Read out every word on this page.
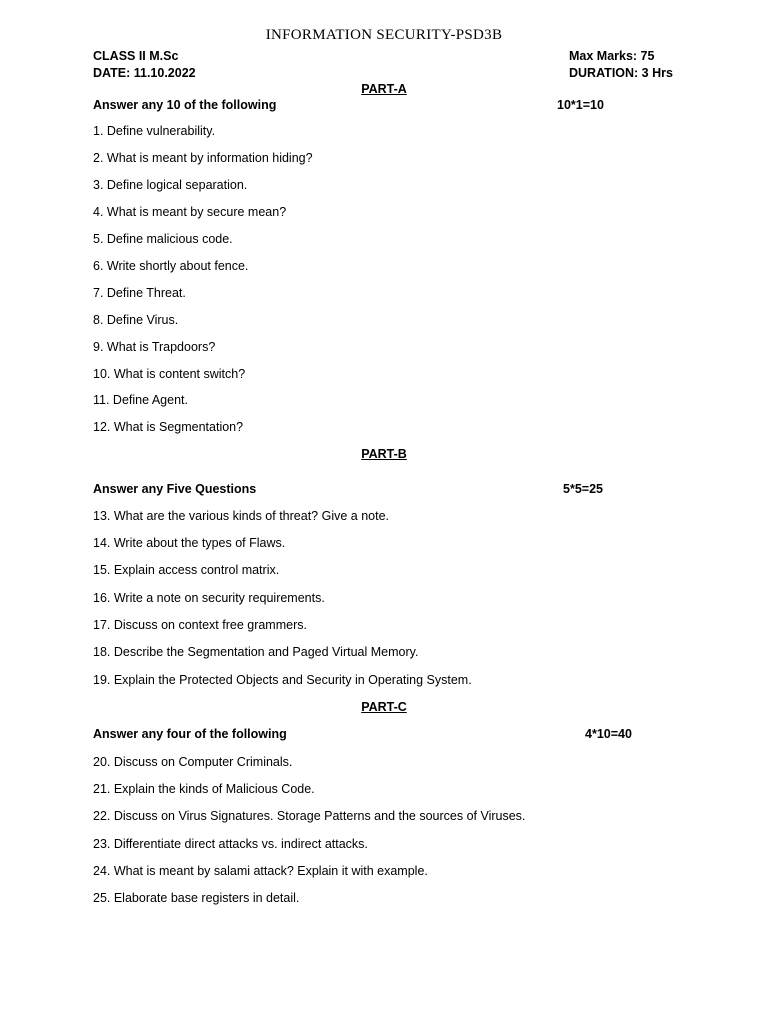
INFORMATION SECURITY-PSD3B
CLASS II M.Sc
DATE: 11.10.2022
Max Marks: 75
DURATION: 3 Hrs
PART-A
Answer any 10 of the following	10*1=10
1. Define vulnerability.
2. What is meant by information hiding?
3. Define logical separation.
4. What is meant by secure mean?
5. Define malicious code.
6. Write shortly about fence.
7. Define Threat.
8. Define Virus.
9. What is Trapdoors?
10. What is content switch?
11. Define Agent.
12. What is Segmentation?
PART-B
Answer any Five Questions	5*5=25
13. What are the various kinds of threat? Give a note.
14. Write about the types of Flaws.
15. Explain access control matrix.
16. Write a note on security requirements.
17. Discuss on context free grammers.
18. Describe the Segmentation and Paged Virtual Memory.
19. Explain the Protected Objects and Security in Operating System.
PART-C
Answer any four of the following	4*10=40
20. Discuss on Computer Criminals.
21. Explain the kinds of Malicious Code.
22. Discuss on Virus Signatures. Storage Patterns and the sources of Viruses.
23. Differentiate direct attacks vs. indirect attacks.
24. What is meant by salami attack? Explain it with example.
25. Elaborate base registers in detail.
